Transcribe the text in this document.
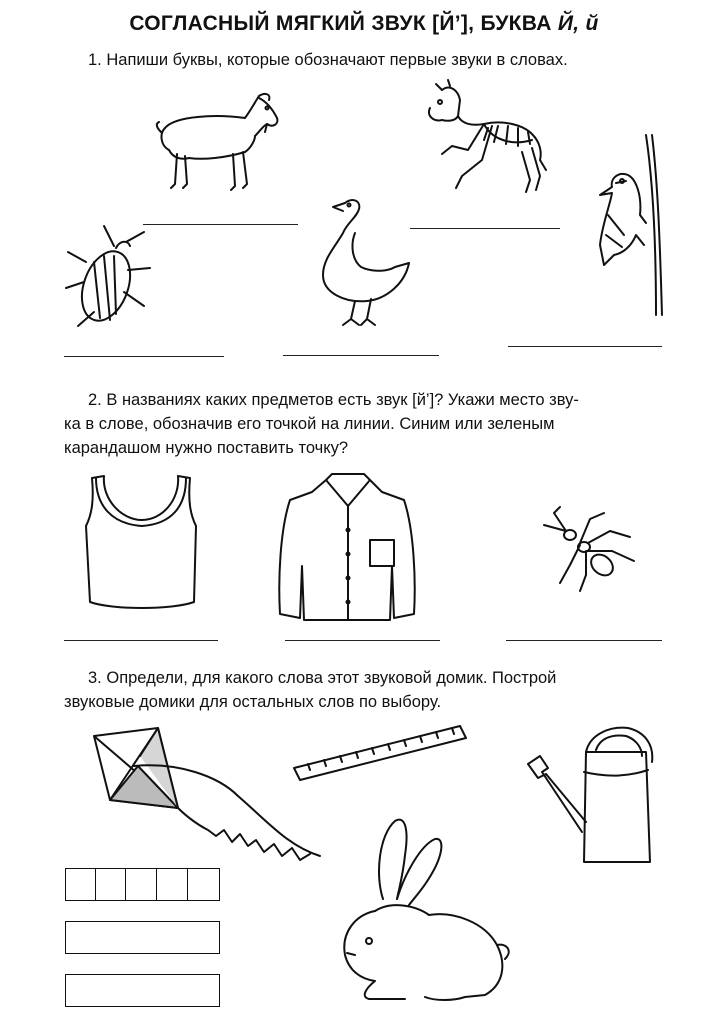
СОГЛАСНЫЙ МЯГКИЙ ЗВУК [Й’], БУКВА Й, й
1. Напиши буквы, которые обозначают первые звуки в словах.
2. В названиях каких предметов есть звук [й’]? Укажи место зву-
ка в слове, обозначив его точкой на линии. Синим или зеленым
карандашом нужно поставить точку?
3. Определи, для какого слова этот звуковой домик. Построй
звуковые домики для остальных слов по выбору.
